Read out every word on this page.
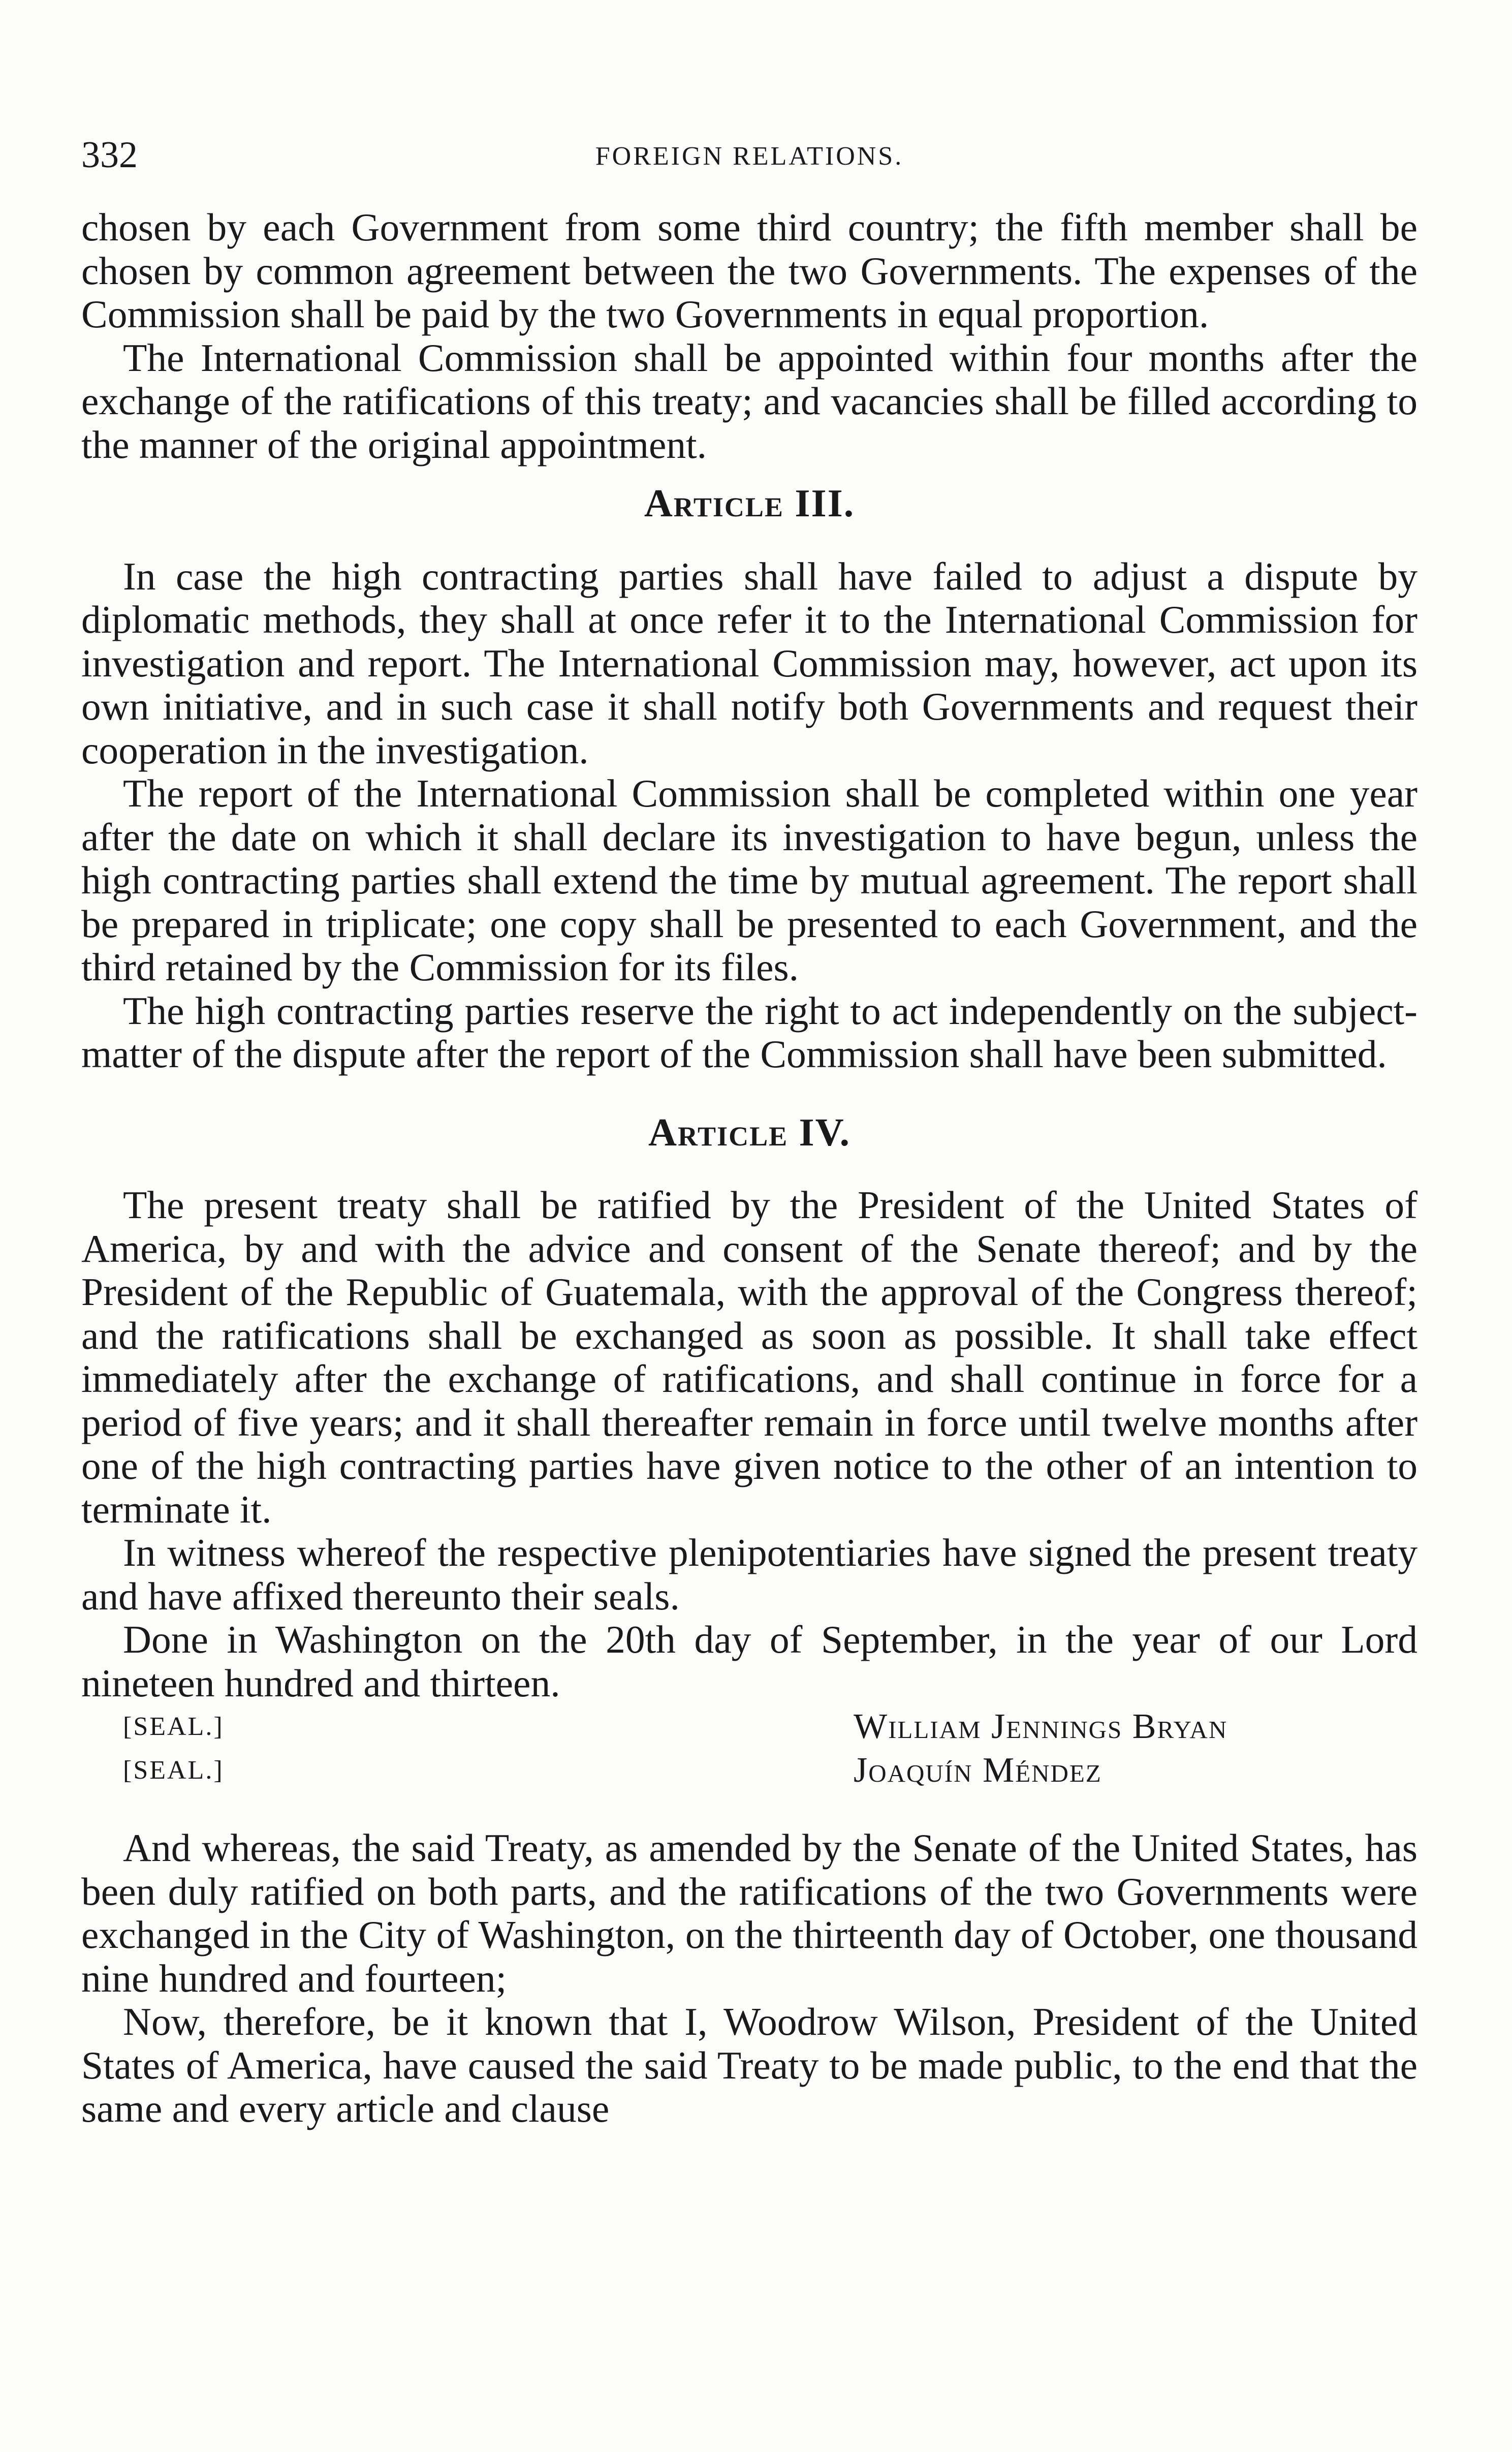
332	FOREIGN RELATIONS.

chosen by each Government from some third country; the fifth member shall be chosen by common agreement between the two Governments. The expenses of the Commission shall be paid by the two Governments in equal proportion.

The International Commission shall be appointed within four months after the exchange of the ratifications of this treaty; and vacancies shall be filled according to the manner of the original appointment.

Article III.

In case the high contracting parties shall have failed to adjust a dispute by diplomatic methods, they shall at once refer it to the International Commission for investigation and report. The International Commission may, however, act upon its own initiative, and in such case it shall notify both Governments and request their cooperation in the investigation.

The report of the International Commission shall be completed within one year after the date on which it shall declare its investigation to have begun, unless the high contracting parties shall extend the time by mutual agreement. The report shall be prepared in triplicate; one copy shall be presented to each Government, and the third retained by the Commission for its files.

The high contracting parties reserve the right to act independently on the subject-matter of the dispute after the report of the Commission shall have been submitted.

Article IV.

The present treaty shall be ratified by the President of the United States of America, by and with the advice and consent of the Senate thereof; and by the President of the Republic of Guatemala, with the approval of the Congress thereof; and the ratifications shall be exchanged as soon as possible. It shall take effect immediately after the exchange of ratifications, and shall continue in force for a period of five years; and it shall thereafter remain in force until twelve months after one of the high contracting parties have given notice to the other of an intention to terminate it.

In witness whereof the respective plenipotentiaries have signed the present treaty and have affixed thereunto their seals.

Done in Washington on the 20th day of September, in the year of our Lord nineteen hundred and thirteen.

[SEAL.]	William Jennings Bryan
[SEAL.]	Joaquín Méndez

And whereas, the said Treaty, as amended by the Senate of the United States, has been duly ratified on both parts, and the ratifications of the two Governments were exchanged in the City of Washington, on the thirteenth day of October, one thousand nine hundred and fourteen;

Now, therefore, be it known that I, Woodrow Wilson, President of the United States of America, have caused the said Treaty to be made public, to the end that the same and every article and clause
